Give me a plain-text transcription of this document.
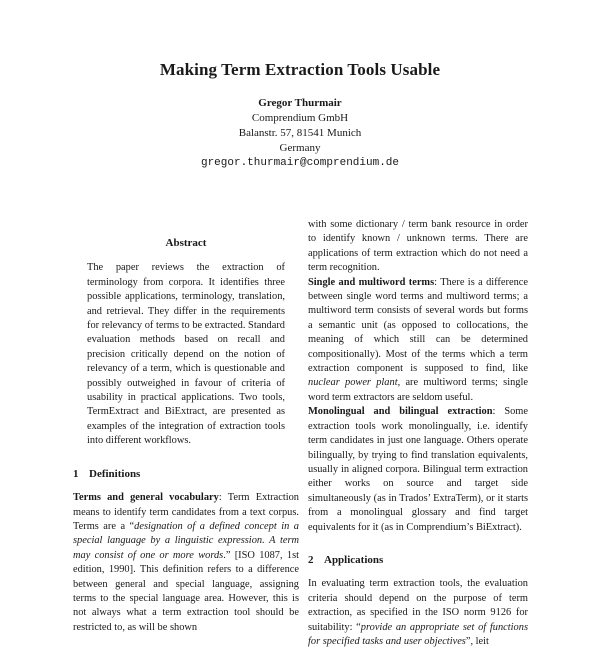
Making Term Extraction Tools Usable
Gregor Thurmair
Comprendium GmbH
Balanstr. 57, 81541 Munich
Germany
gregor.thurmair@comprendium.de
Abstract

The paper reviews the extraction of terminology from corpora. It identifies three possible applications, terminology, translation, and retrieval. They differ in the requirements for relevancy of terms to be extracted. Standard evaluation methods based on recall and precision critically depend on the notion of relevancy of a term, which is questionable and possibly outweighed in favour of criteria of usability in practical applications. Two tools, TermExtract and BiExtract, are presented as examples of the integration of extraction tools into different workflows.

1 Definitions

Terms and general vocabulary: Term Extraction means to identify term candidates from a text corpus. Terms are a “designation of a defined concept in a special language by a linguistic expression. A term may consist of one or more words.” [ISO 1087, 1st edition, 1990]. This definition refers to a difference between general and special language, assigning terms to the special language area. However, this is not always what a term extraction tool should be restricted to, as will be shown

with some dictionary / term bank resource in order to identify known / unknown terms. There are applications of term extraction which do not need a term recognition.

Single and multiword terms: There is a difference between single word terms and multiword terms; a multiword term consists of several words but forms a semantic unit (as opposed to collocations, the meaning of which still can be determined compositionally). Most of the terms which a term extraction component is supposed to find, like nuclear power plant, are multiword terms; single word term extractors are seldom useful.

Monolingual and bilingual extraction: Some extraction tools work monolingually, i.e. identify term candidates in just one language. Others operate bilingually, by trying to find translation equivalents, usually in aligned corpora. Bilingual term extraction either works on source and target side simultaneously (as in Trados’ ExtraTerm), or it starts from a monolingual glossary and find target equivalents for it (as in Comprendium’s BiExtract).

2 Applications

In evaluating term extraction tools, the evaluation criteria should depend on the purpose of term extraction, as specified in the ISO norm 9126 for suitability: “provide an appropriate set of functions for specified tasks and user objectives”, leit
